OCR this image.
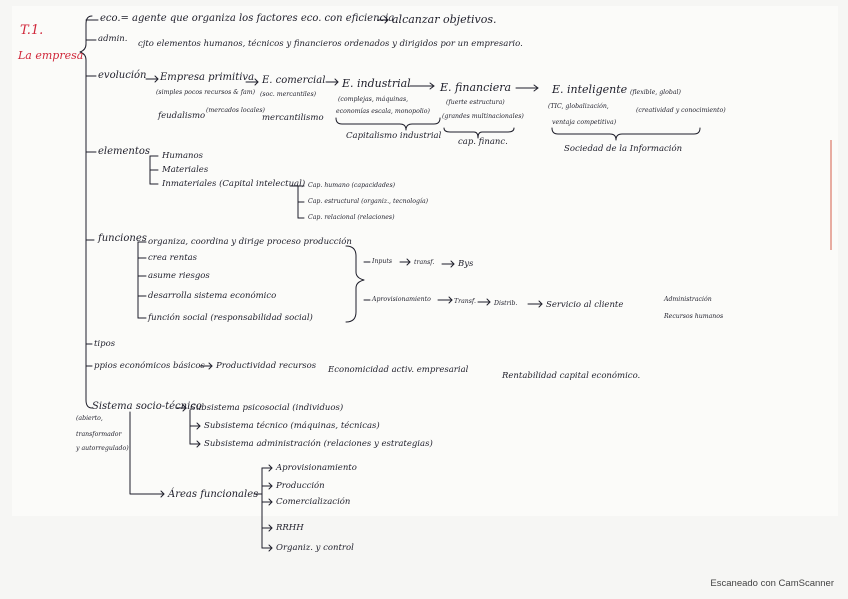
T.1.
La empresa
eco.= agente que organiza los factores eco. con eficiencia
alcanzar objetivos.
admin. cjto elementos humanos, técnicos y financieros ordenados y dirigidos por un empresario.
evolución Empresa primitiva
(simples pocos recursos & fam)
feudalismo
(mercados locales)
E. comercial
(soc. mercantiles)
mercantilismo
E. industrial
(complejas, máquinas,
economías escala, monopolio)
Capitalismo industrial
E. financiera
(fuerte estructura)
(grandes multinacionales)
cap. financ.
E. inteligente (flexible, global)
(TIC, globalización,
ventaja competitiva)
(creatividad y conocimiento)
Sociedad de la Información
elementos Humanos
Materiales
Inmateriales (Capital intelectual) Cap. humano (capacidades)
Cap. estructural (organiz., tecnología)
Cap. relacional (relaciones)
funciones organiza, coordina y dirige proceso producción
crea rentas
asume riesgos
desarrolla sistema económico
función social (responsabilidad social)
Inputs	transf.	Bys
Aprovisionamiento	Transf.	Distrib.	Servicio al cliente
Administración
Recursos humanos
tipos
ppios económicos básicos Productividad recursos Economicidad activ. empresarial
Rentabilidad capital económico.
Sistema socio-técnico
(abierto,
transformador
y autorregulado)
Subsistema psicosocial (individuos)
Subsistema técnico (máquinas, técnicas)
Subsistema administración (relaciones y estrategias)
Áreas funcionales
Aprovisionamiento
Producción
Comercialización
RRHH
Organiz. y control
Escaneado con CamScanner
